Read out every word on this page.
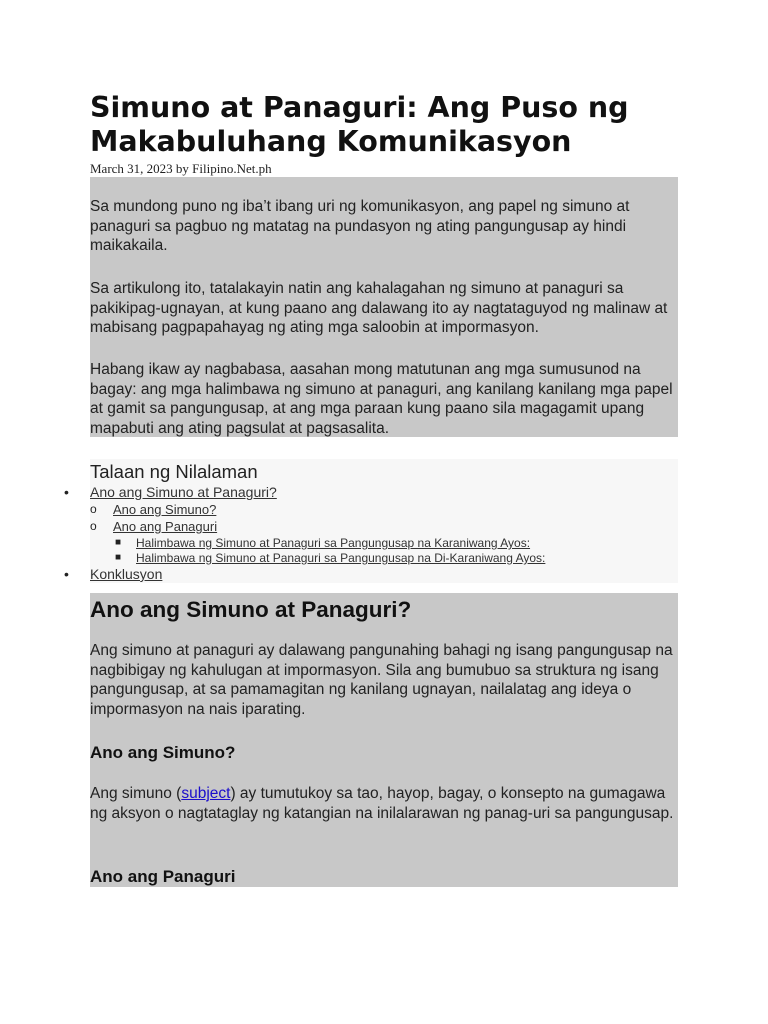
Simuno at Panaguri: Ang Puso ng Makabuluhang Komunikasyon
March 31, 2023 by Filipino.Net.ph

Sa mundong puno ng iba’t ibang uri ng komunikasyon, ang papel ng simuno at panaguri sa pagbuo ng matatag na pundasyon ng ating pangungusap ay hindi maikakaila.

Sa artikulong ito, tatalakayin natin ang kahalagahan ng simuno at panaguri sa pakikipag-ugnayan, at kung paano ang dalawang ito ay nagtataguyod ng malinaw at mabisang pagpapahayag ng ating mga saloobin at impormasyon.

Habang ikaw ay nagbabasa, aasahan mong matutunan ang mga sumusunod na bagay: ang mga halimbawa ng simuno at panaguri, ang kanilang kanilang mga papel at gamit sa pangungusap, at ang mga paraan kung paano sila magagamit upang mapabuti ang ating pagsulat at pagsasalita.

Talaan ng Nilalaman
• Ano ang Simuno at Panaguri?
o Ano ang Simuno?
o Ano ang Panaguri
■ Halimbawa ng Simuno at Panaguri sa Pangungusap na Karaniwang Ayos:
■ Halimbawa ng Simuno at Panaguri sa Pangungusap na Di-Karaniwang Ayos:
• Konklusyon
Ano ang Simuno at Panaguri?

Ang simuno at panaguri ay dalawang pangunahing bahagi ng isang pangungusap na nagbibigay ng kahulugan at impormasyon. Sila ang bumubuo sa struktura ng isang pangungusap, at sa pamamagitan ng kanilang ugnayan, nailalatag ang ideya o impormasyon na nais iparating.

Ano ang Simuno?

Ang simuno (subject) ay tumutukoy sa tao, hayop, bagay, o konsepto na gumagawa ng aksyon o nagtataglay ng katangian na inilalarawan ng panag-uri sa pangungusap.

Ano ang Panaguri
